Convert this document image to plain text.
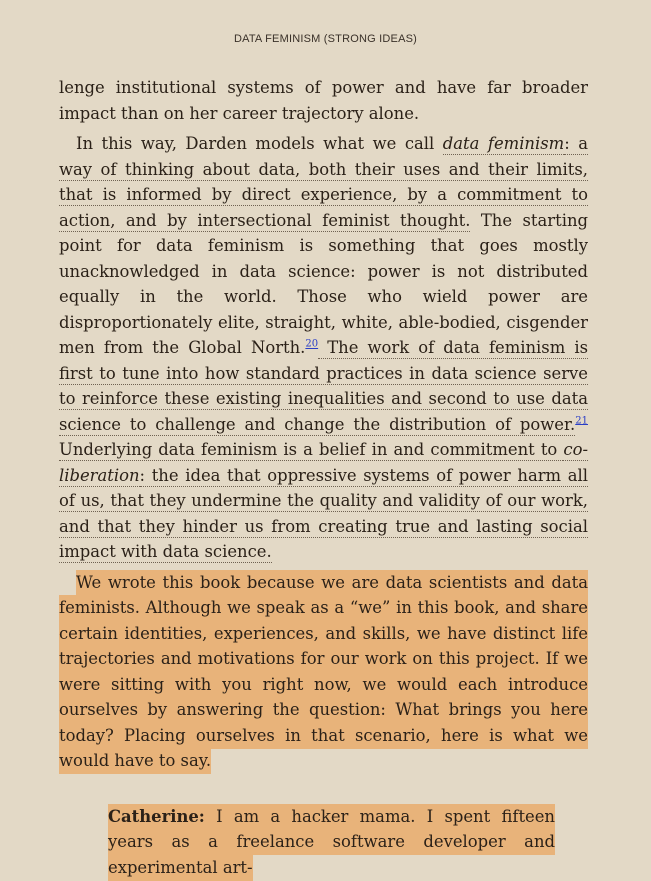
DATA FEMINISM (STRONG IDEAS)

lenge institutional systems of power and have far broader impact than on her career trajectory alone.

In this way, Darden models what we call data feminism: a way of thinking about data, both their uses and their limits, that is informed by direct experience, by a commitment to action, and by intersectional feminist thought. The starting point for data feminism is something that goes mostly unacknowledged in data science: power is not distributed equally in the world. Those who wield power are disproportionately elite, straight, white, able-bodied, cisgender men from the Global North.$^{20}$ The work of data feminism is first to tune into how standard practices in data science serve to reinforce these existing inequalities and second to use data science to challenge and change the distribution of power.$^{21}$ Underlying data feminism is a belief in and commitment to co-liberation: the idea that oppressive systems of power harm all of us, that they undermine the quality and validity of our work, and that they hinder us from creating true and lasting social impact with data science.

We wrote this book because we are data scientists and data feminists. Although we speak as a “we” in this book, and share certain identities, experiences, and skills, we have distinct life trajectories and motivations for our work on this project. If we were sitting with you right now, we would each introduce ourselves by answering the question: What brings you here today? Placing ourselves in that scenario, here is what we would have to say.

Catherine: I am a hacker mama. I spent fifteen years as a freelance software developer and experimental art-
